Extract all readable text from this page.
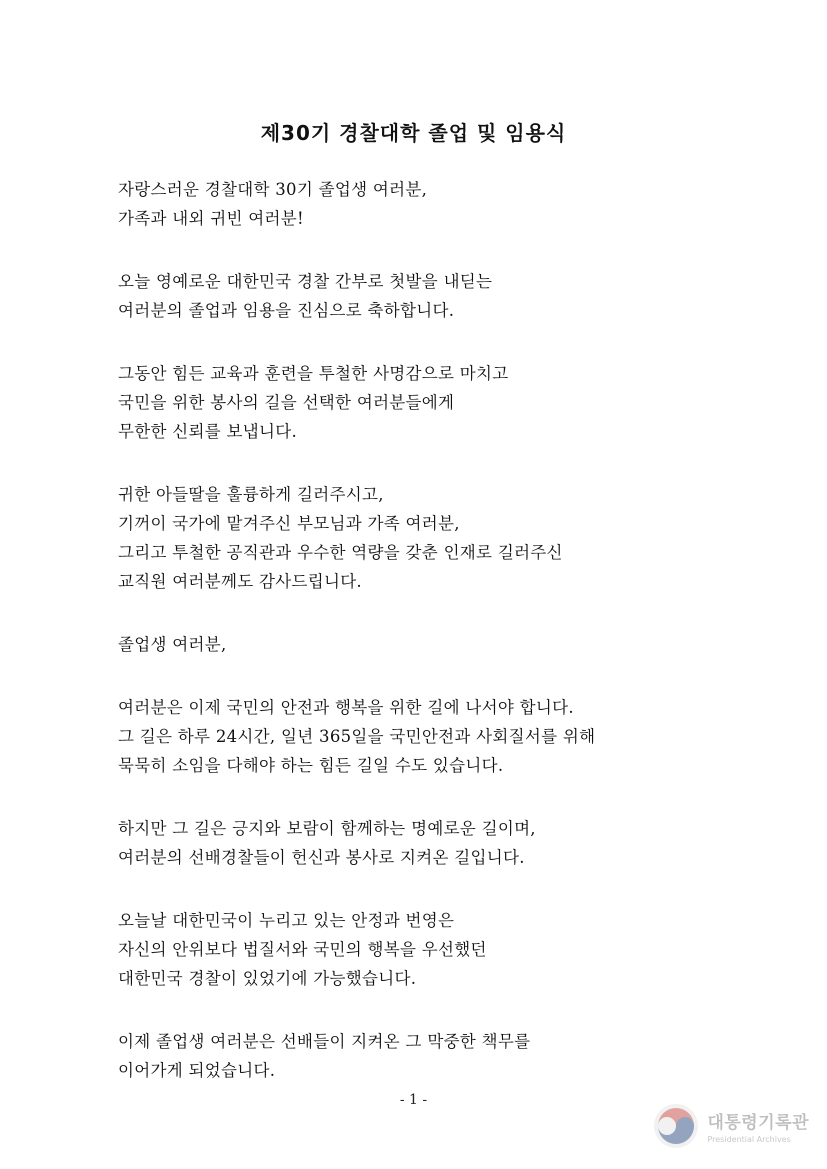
제30기 경찰대학 졸업 및 임용식
자랑스러운 경찰대학 30기 졸업생 여러분,
가족과 내외 귀빈 여러분!
오늘 영예로운 대한민국 경찰 간부로 첫발을 내딛는
여러분의 졸업과 임용을 진심으로 축하합니다.
그동안 힘든 교육과 훈련을 투철한 사명감으로 마치고
국민을 위한 봉사의 길을 선택한 여러분들에게
무한한 신뢰를 보냅니다.
귀한 아들딸을 훌륭하게 길러주시고,
기꺼이 국가에 맡겨주신 부모님과 가족 여러분,
그리고 투철한 공직관과 우수한 역량을 갖춘 인재로 길러주신
교직원 여러분께도 감사드립니다.
졸업생 여러분,
여러분은 이제 국민의 안전과 행복을 위한 길에 나서야 합니다.
그 길은 하루 24시간, 일년 365일을 국민안전과 사회질서를 위해
묵묵히 소임을 다해야 하는 힘든 길일 수도 있습니다.
하지만 그 길은 긍지와 보람이 함께하는 명예로운 길이며,
여러분의 선배경찰들이 헌신과 봉사로 지켜온 길입니다.
오늘날 대한민국이 누리고 있는 안정과 번영은
자신의 안위보다 법질서와 국민의 행복을 우선했던
대한민국 경찰이 있었기에 가능했습니다.
이제 졸업생 여러분은 선배들이 지켜온 그 막중한 책무를
이어가게 되었습니다.
- 1 -
대통령기록관
Presidential Archives
